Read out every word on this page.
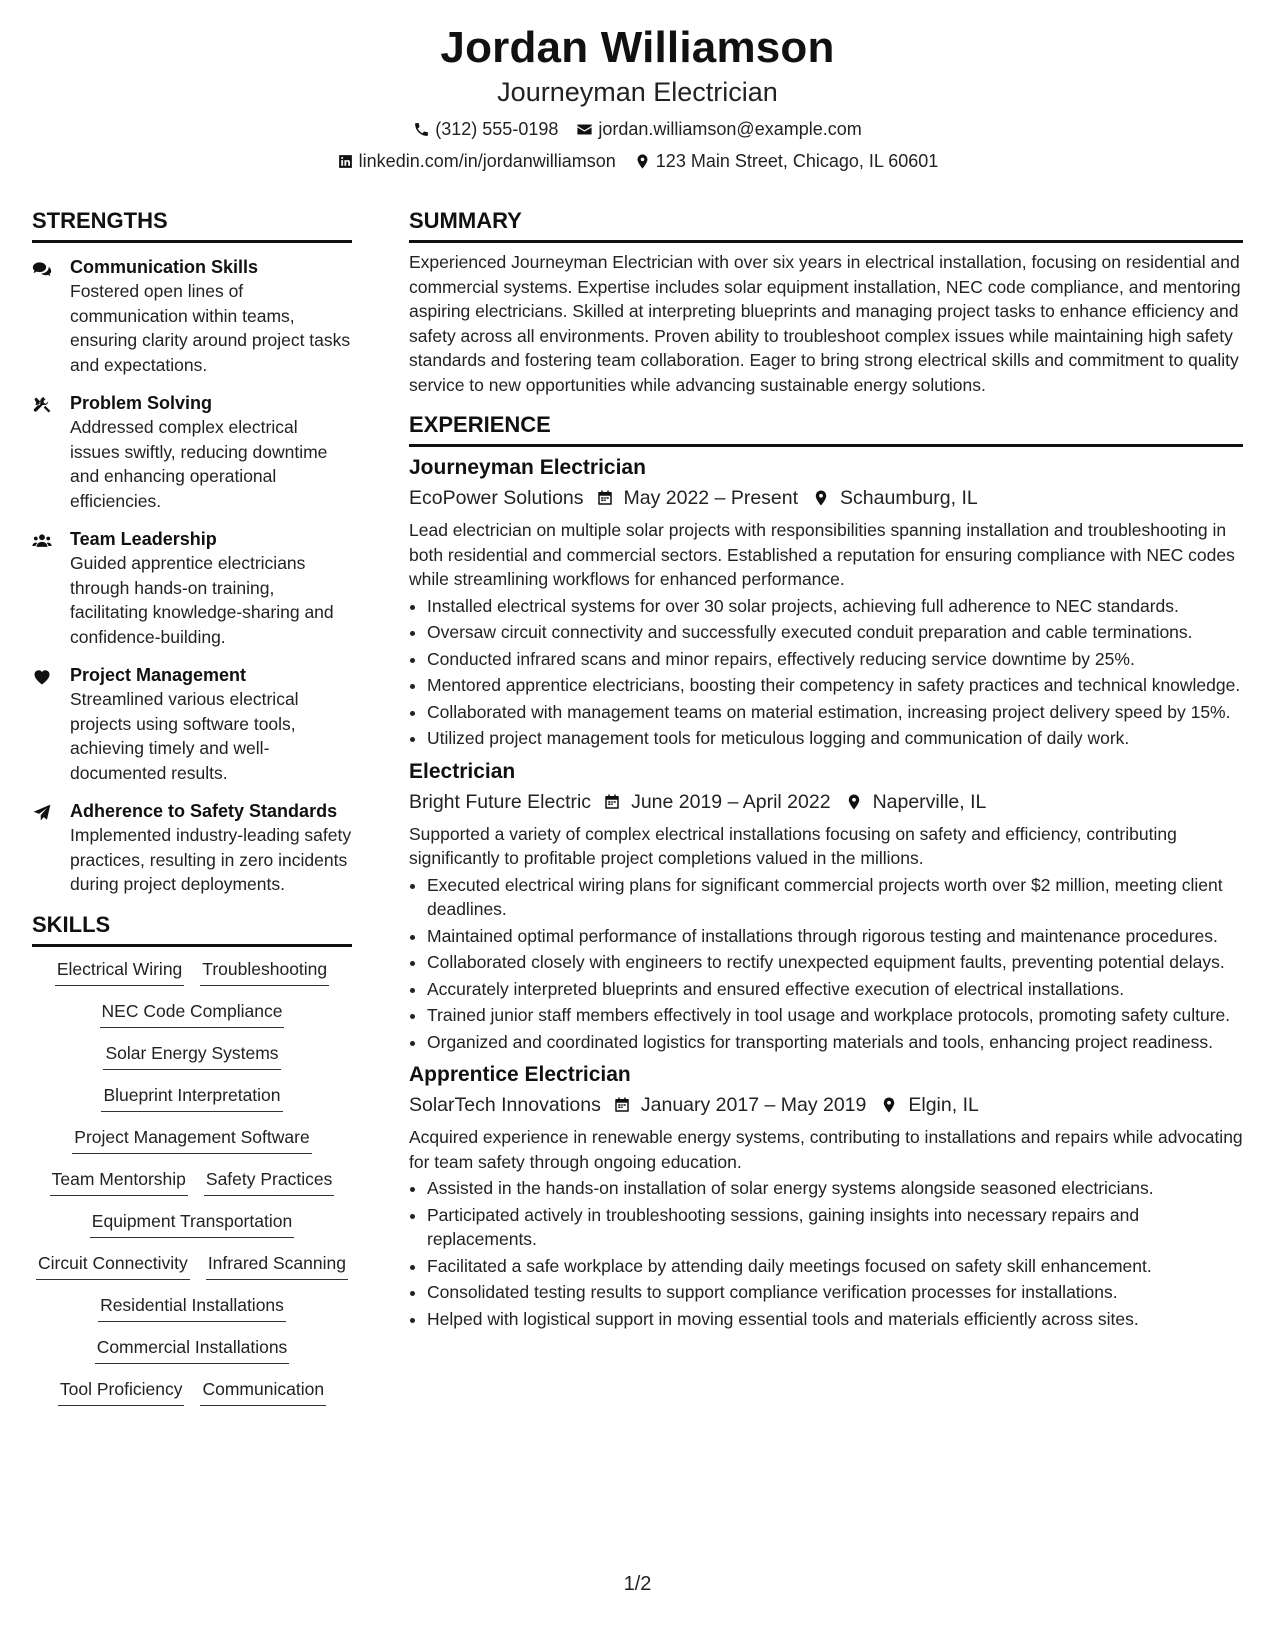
Jordan Williamson
Journeyman Electrician
(312) 555-0198 jordan.williamson@example.com
linkedin.com/in/jordanwilliamson 123 Main Street, Chicago, IL 60601
STRENGTHS
Communication Skills
Fostered open lines of communication within teams, ensuring clarity around project tasks and expectations.
Problem Solving
Addressed complex electrical issues swiftly, reducing downtime and enhancing operational efficiencies.
Team Leadership
Guided apprentice electricians through hands-on training, facilitating knowledge-sharing and confidence-building.
Project Management
Streamlined various electrical projects using software tools, achieving timely and well-documented results.
Adherence to Safety Standards
Implemented industry-leading safety practices, resulting in zero incidents during project deployments.
SKILLS
Electrical Wiring Troubleshooting
NEC Code Compliance
Solar Energy Systems
Blueprint Interpretation
Project Management Software
Team Mentorship Safety Practices
Equipment Transportation
Circuit Connectivity Infrared Scanning
Residential Installations
Commercial Installations
Tool Proficiency Communication
SUMMARY
Experienced Journeyman Electrician with over six years in electrical installation, focusing on residential and commercial systems. Expertise includes solar equipment installation, NEC code compliance, and mentoring aspiring electricians. Skilled at interpreting blueprints and managing project tasks to enhance efficiency and safety across all environments. Proven ability to troubleshoot complex issues while maintaining high safety standards and fostering team collaboration. Eager to bring strong electrical skills and commitment to quality service to new opportunities while advancing sustainable energy solutions.
EXPERIENCE
Journeyman Electrician
EcoPower Solutions May 2022 – Present Schaumburg, IL
Lead electrician on multiple solar projects with responsibilities spanning installation and troubleshooting in both residential and commercial sectors. Established a reputation for ensuring compliance with NEC codes while streamlining workflows for enhanced performance.
• Installed electrical systems for over 30 solar projects, achieving full adherence to NEC standards.
• Oversaw circuit connectivity and successfully executed conduit preparation and cable terminations.
• Conducted infrared scans and minor repairs, effectively reducing service downtime by 25%.
• Mentored apprentice electricians, boosting their competency in safety practices and technical knowledge.
• Collaborated with management teams on material estimation, increasing project delivery speed by 15%.
• Utilized project management tools for meticulous logging and communication of daily work.
Electrician
Bright Future Electric June 2019 – April 2022 Naperville, IL
Supported a variety of complex electrical installations focusing on safety and efficiency, contributing significantly to profitable project completions valued in the millions.
• Executed electrical wiring plans for significant commercial projects worth over $2 million, meeting client deadlines.
• Maintained optimal performance of installations through rigorous testing and maintenance procedures.
• Collaborated closely with engineers to rectify unexpected equipment faults, preventing potential delays.
• Accurately interpreted blueprints and ensured effective execution of electrical installations.
• Trained junior staff members effectively in tool usage and workplace protocols, promoting safety culture.
• Organized and coordinated logistics for transporting materials and tools, enhancing project readiness.
Apprentice Electrician
SolarTech Innovations January 2017 – May 2019 Elgin, IL
Acquired experience in renewable energy systems, contributing to installations and repairs while advocating for team safety through ongoing education.
• Assisted in the hands-on installation of solar energy systems alongside seasoned electricians.
• Participated actively in troubleshooting sessions, gaining insights into necessary repairs and replacements.
• Facilitated a safe workplace by attending daily meetings focused on safety skill enhancement.
• Consolidated testing results to support compliance verification processes for installations.
• Helped with logistical support in moving essential tools and materials efficiently across sites.
1/2
